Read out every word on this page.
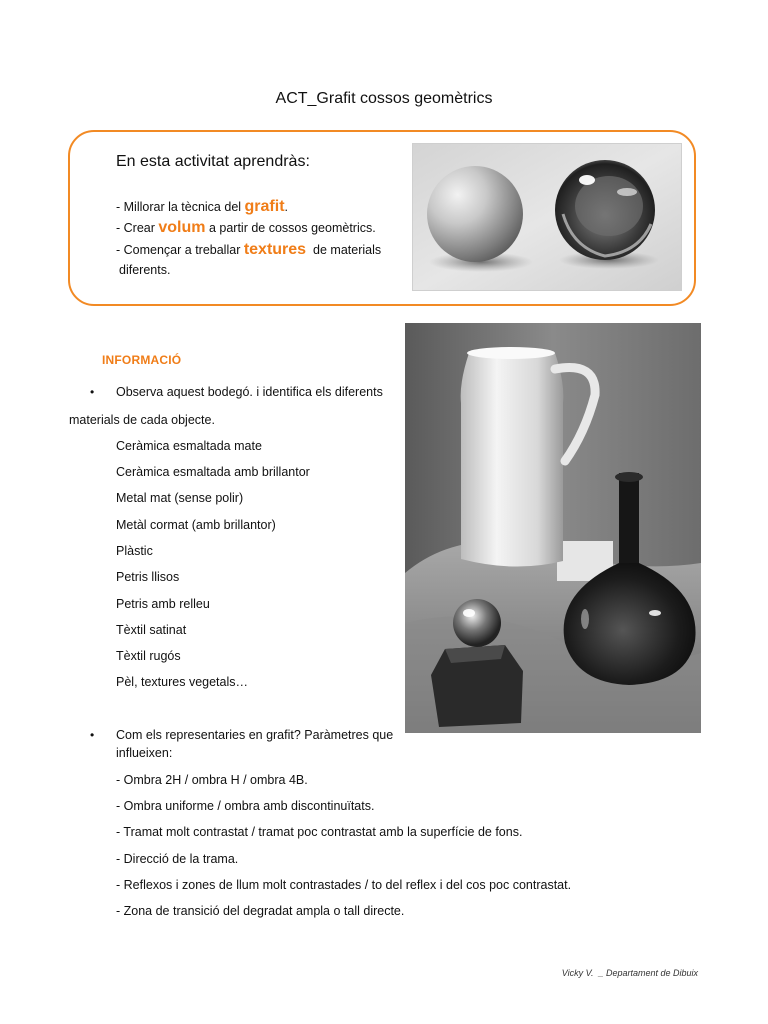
ACT_Grafit cossos geomètrics
En esta activitat aprendràs:
- Millorar la tècnica del grafit.
- Crear volum a partir de cossos geomètrics.
- Començar a treballar textures  de materials
diferents.
INFORMACIÓ
• Observa aquest bodegó. i identifica els diferents
materials de cada objecte.
Ceràmica esmaltada mate
Ceràmica esmaltada amb brillantor
Metal mat (sense polir)
Metàl cormat (amb brillantor)
Plàstic
Petris llisos
Petris amb relleu
Tèxtil satinat
Tèxtil rugós
Pèl, textures vegetals…
• Com els representaries en grafit? Paràmetres que
influeixen:
- Ombra 2H / ombra H / ombra 4B.
- Ombra uniforme / ombra amb discontinuïtats.
- Tramat molt contrastat / tramat poc contrastat amb la superfície de fons.
- Direcció de la trama.
- Reflexos i zones de llum molt contrastades / to del reflex i del cos poc contrastat.
- Zona de transició del degradat ampla o tall directe.
Vicky V.  _ Departament de Dibuix
